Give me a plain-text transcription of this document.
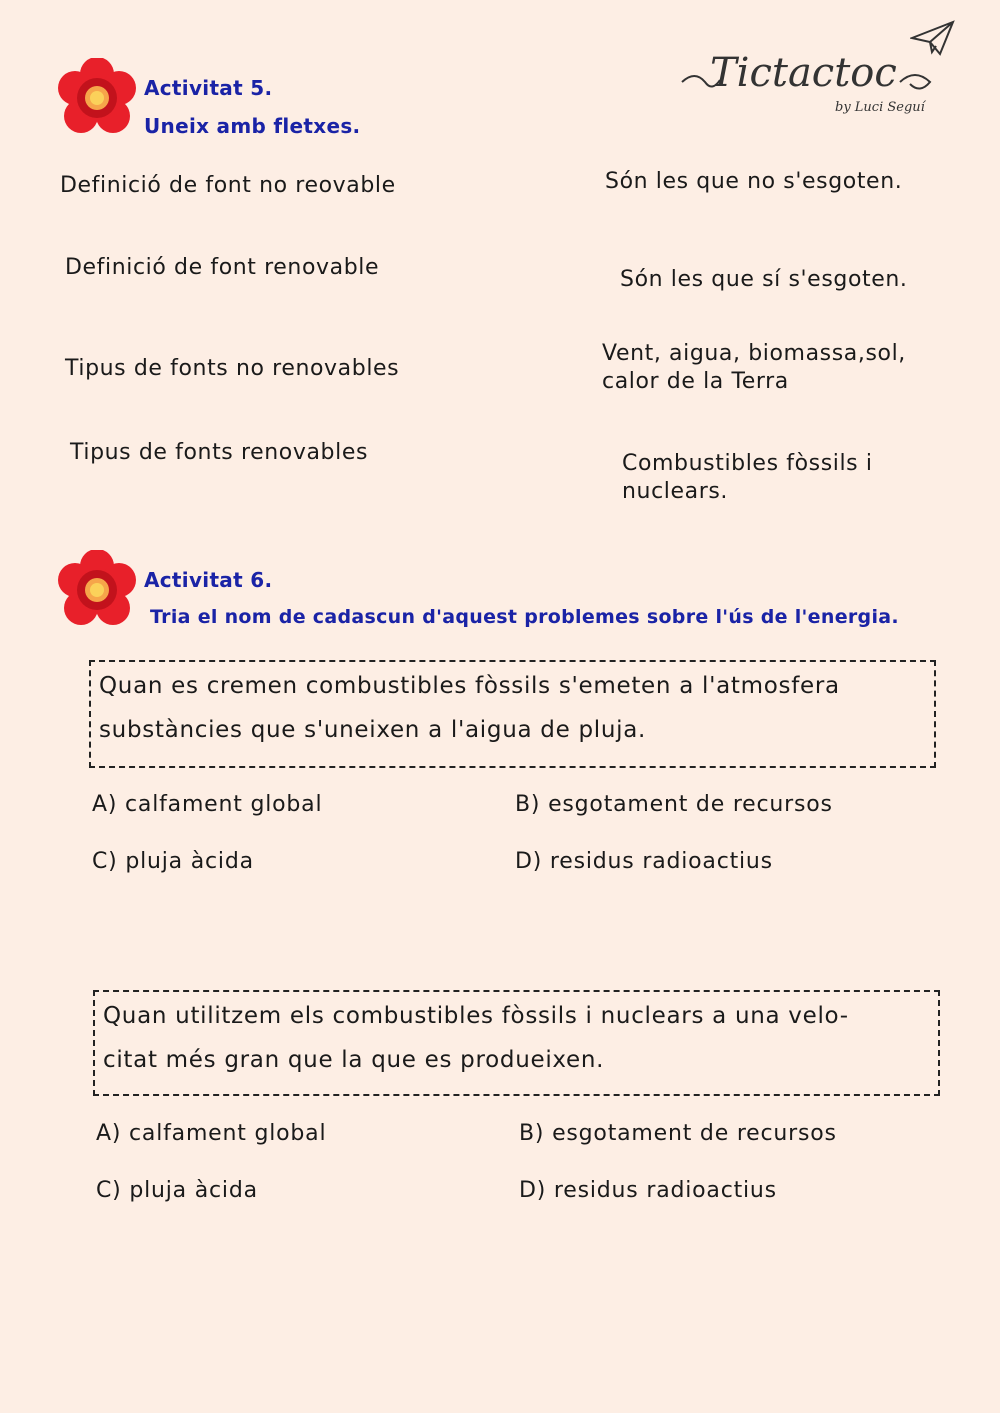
Tictactoc
by Luci Seguí
Activitat 5.
Uneix amb fletxes.
Definició de font no reovable
Definició de font renovable
Tipus de fonts no renovables
Tipus de fonts renovables
Són les que no s'esgoten.
Són les que sí s'esgoten.
Vent, aigua, biomassa,sol,
calor de la Terra
Combustibles fòssils i
nuclears.
Activitat 6.
Tria el nom de cadascun d'aquest problemes sobre l'ús de l'energia.
Quan es cremen combustibles fòssils s'emeten a l'atmosfera
substàncies que s'uneixen a l'aigua de pluja.
A) calfament global	B) esgotament de recursos
C) pluja àcida	D) residus radioactius
Quan utilitzem els combustibles fòssils i nuclears a una velo-
citat més gran que la que es produeixen.
A) calfament global	B) esgotament de recursos
C) pluja àcida	D) residus radioactius
